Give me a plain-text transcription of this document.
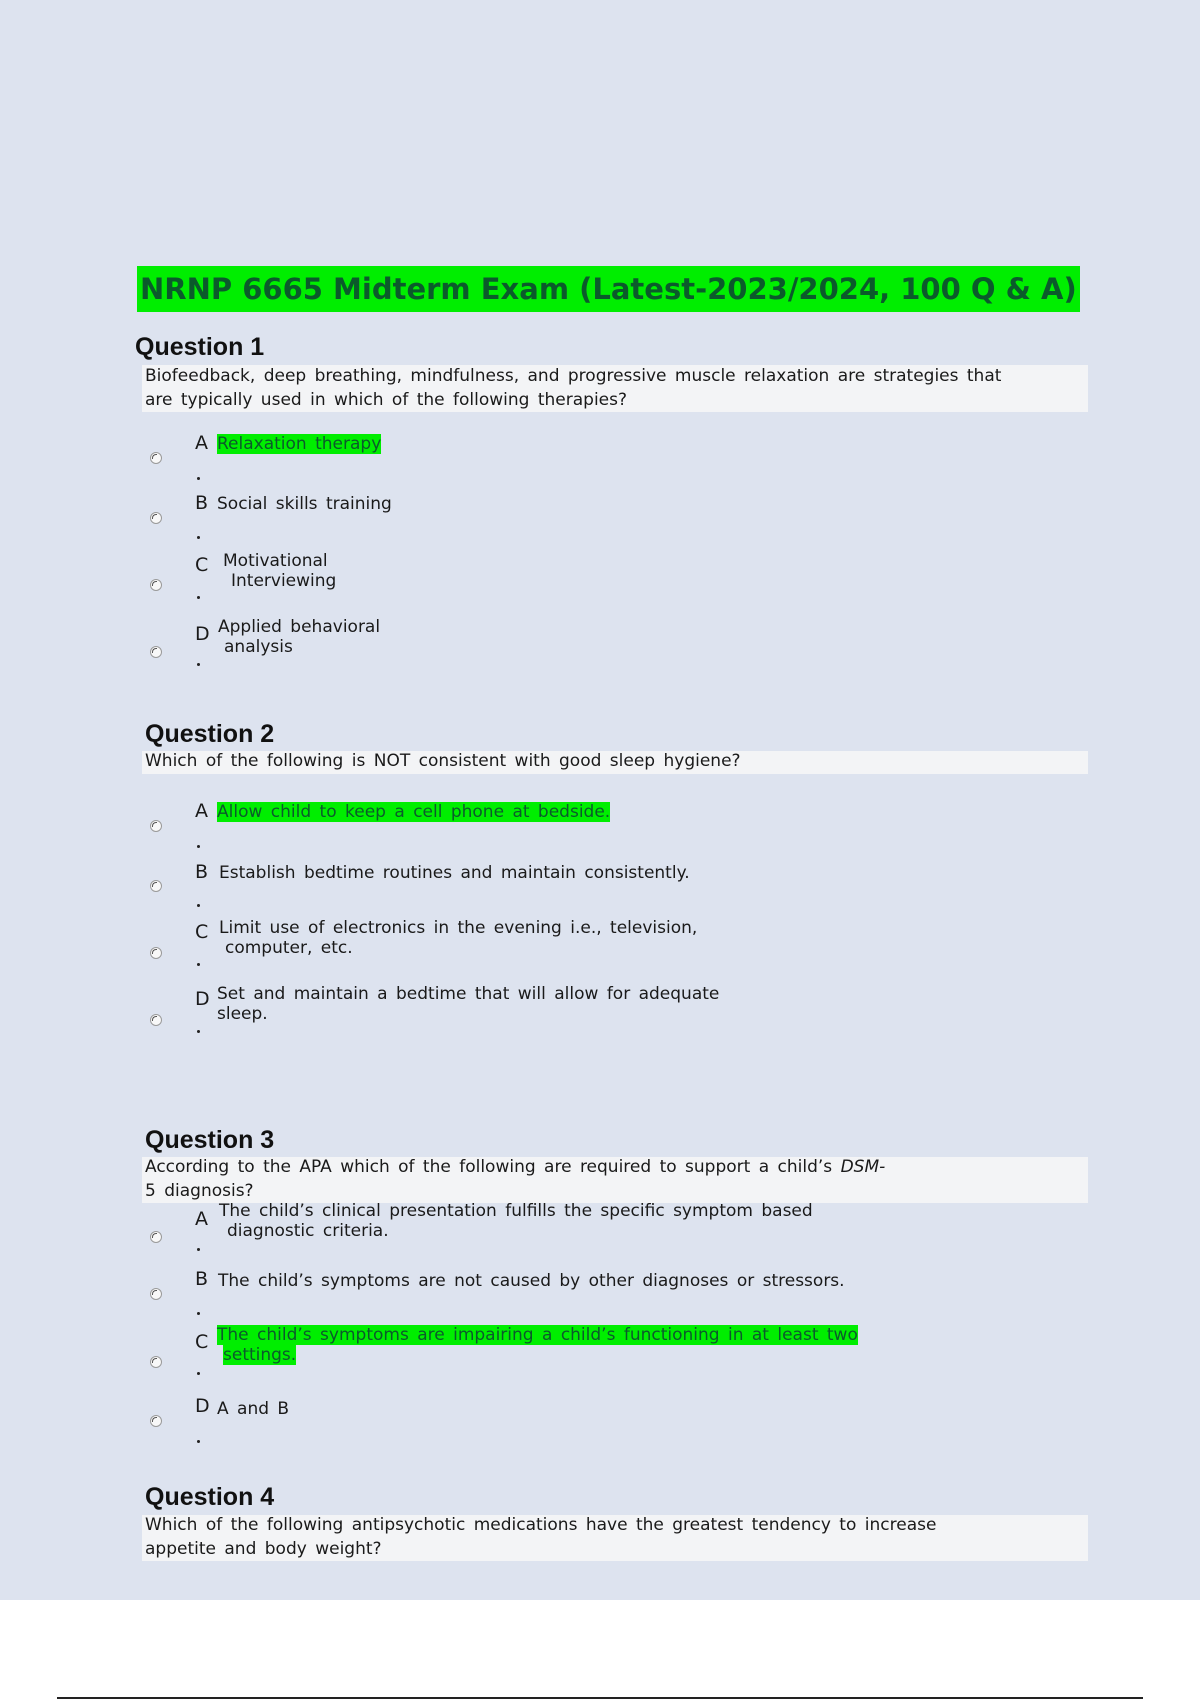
NRNP 6665 Midterm Exam (Latest-2023/2024, 100 Q & A)
Question 1
Biofeedback, deep breathing, mindfulness, and progressive muscle relaxation are strategies that are typically used in which of the following therapies?
A Relaxation therapy
B Social skills training
C Motivational
Interviewing
D Applied behavioral
analysis
Question 2
Which of the following is NOT consistent with good sleep hygiene?
A Allow child to keep a cell phone at bedside.
B Establish bedtime routines and maintain consistently.
C Limit use of electronics in the evening i.e., television,
computer, etc.
D Set and maintain a bedtime that will allow for adequate
sleep.
Question 3
According to the APA which of the following are required to support a child’s DSM-
5 diagnosis?
A The child’s clinical presentation fulfills the specific symptom based
diagnostic criteria.
B The child’s symptoms are not caused by other diagnoses or stressors.
C The child’s symptoms are impairing a child’s functioning in at least two
settings.
D A and B
Question 4
Which of the following antipsychotic medications have the greatest tendency to increase appetite and body weight?
